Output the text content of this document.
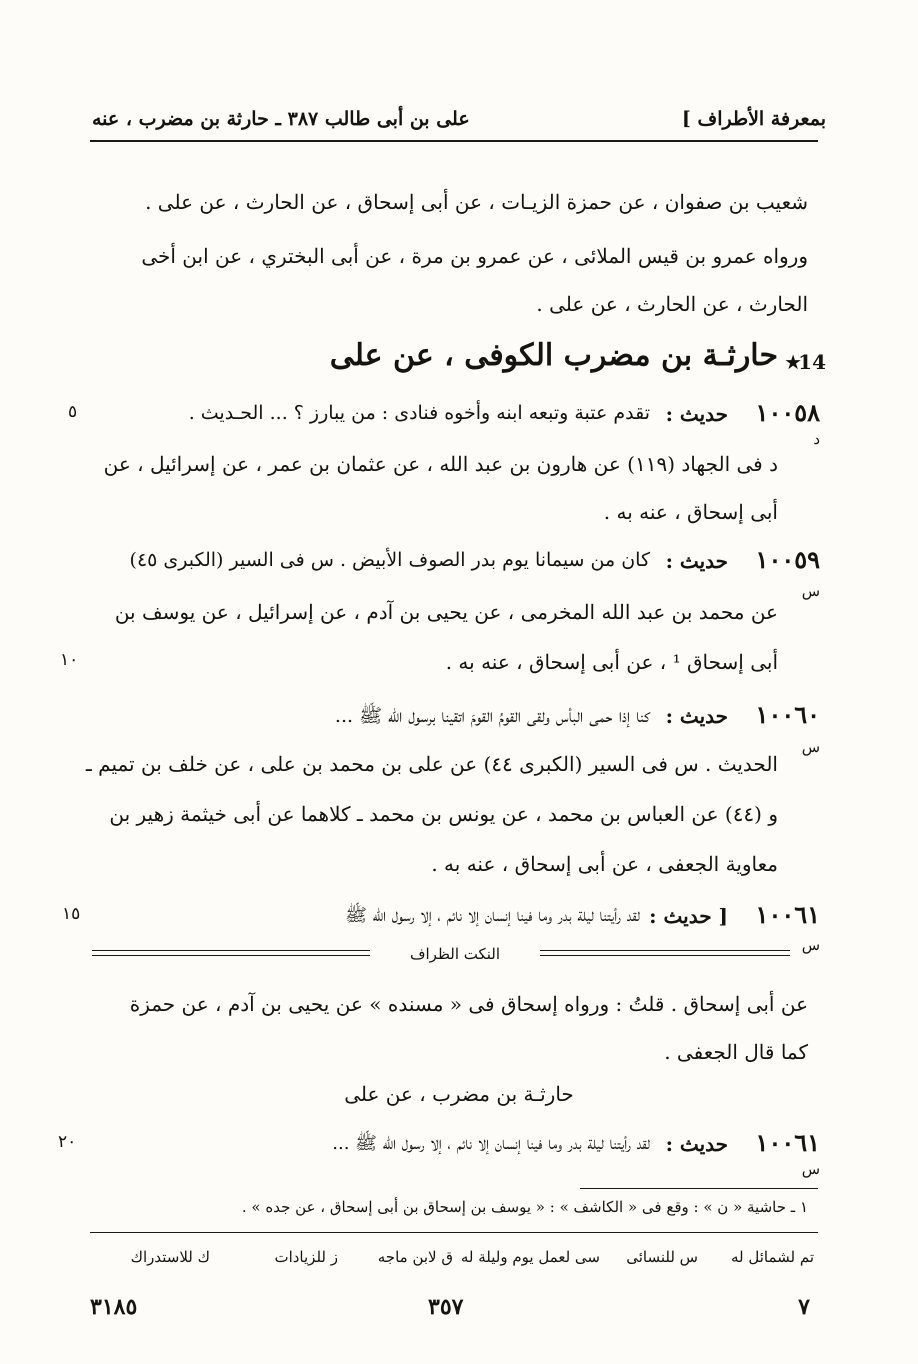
بمعرفة الأطراف ]
على بن أبى طالب ٣٨٧ ـ حارثة بن مضرب ، عنه
شعيب بن صفوان ، عن حمزة الزيـات ، عن أبى إسحاق ، عن الحارث ، عن على .
ورواه عمرو بن قيس الملائى ، عن عمرو بن مرة ، عن أبى البختري ، عن ابن أخى
الحارث ، عن الحارث ، عن على .
14
★
حارثـة بن مضرب الكوفى ، عن على
١٠٠٥٨
حديث :
د
تقدم عتبة وتبعه ابنه وأخوه فنادى : من يبارز ؟ ... الحـديث .
٥
د فى الجهاد (١١٩) عن هارون بن عبد الله ، عن عثمان بن عمر ، عن إسرائيل ، عن
أبى إسحاق ، عنه به .
١٠٠٥٩
حديث :
س
كان من سيمانا يوم بدر الصوف الأبيض . س فى السير (الكبرى ٤٥)
عن محمد بن عبد الله المخرمى ، عن يحيى بن آدم ، عن إسرائيل ، عن يوسف بن
١٠	أبى إسحاق ¹ ، عن أبى إسحاق ، عنه به .
١٠٠٦٠
حديث :
س
كنا إذا حمى البأس ولقى القومُ القومَ اتقينا برسول الله ﷺ ...
الحديث . س فى السير (الكبرى ٤٤) عن على بن محمد بن على ، عن خلف بن تميم ـ
و (٤٤) عن العباس بن محمد ، عن يونس بن محمد ـ كلاهما عن أبى خيثمة زهير بن
معاوية الجعفى ، عن أبى إسحاق ، عنه به .
١٠٠٦١
[ حديث :
س
لقد رأيتنا ليلة بدر وما فينا إنسان إلا نائم ، إلا رسول الله ﷺ
١٥
النكت الظراف
عن أبى إسحاق . قلتُ : ورواه إسحاق فى « مسنده » عن يحيى بن آدم ، عن حمزة
كما قال الجعفى .
حارثـة بن مضرب ، عن على
١٠٠٦١
حديث :
س
لقد رأيتنا ليلة بدر وما فينا إنسان إلا نائم ، إلا رسول الله ﷺ ...
٢٠
١ ـ حاشية « ن » : وقع فى « الكاشف » : « يوسف بن إسحاق بن أبى إسحاق ، عن جده » .
تم لشمائل له
س للنسائى
سى لعمل يوم وليلة له
ق لابن ماجه
ز للزيادات
ك للاستدراك
٧
٣٥٧
٣١٨٥
